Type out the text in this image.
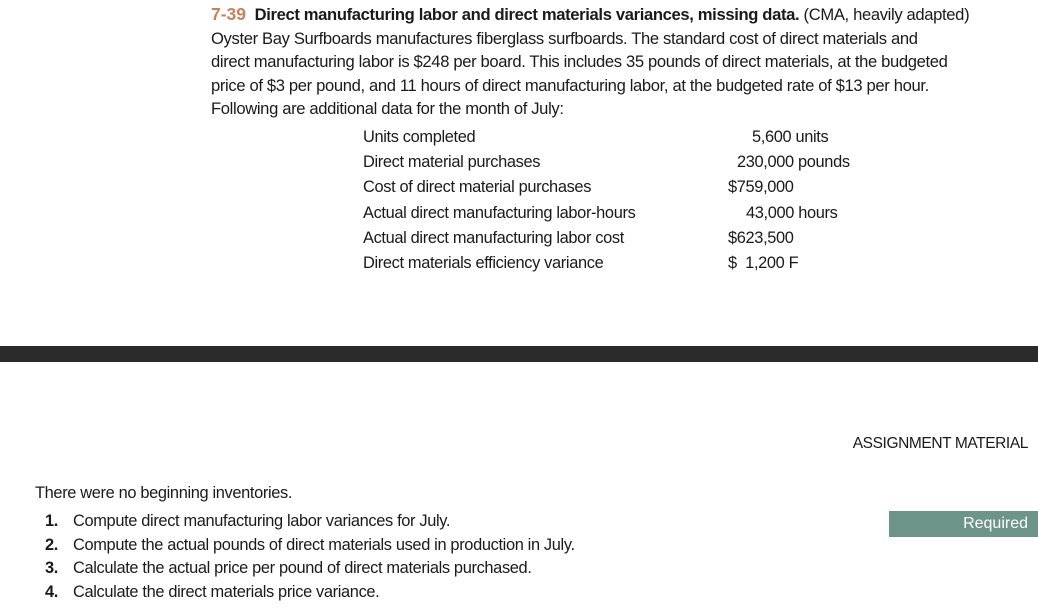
7-39 Direct manufacturing labor and direct materials variances, missing data. (CMA, heavily adapted)
Oyster Bay Surfboards manufactures fiberglass surfboards. The standard cost of direct materials and
direct manufacturing labor is $248 per board. This includes 35 pounds of direct materials, at the budgeted
price of $3 per pound, and 11 hours of direct manufacturing labor, at the budgeted rate of $13 per hour.
Following are additional data for the month of July:
Units completed	5,600 units
Direct material purchases	230,000 pounds
Cost of direct material purchases	$759,000
Actual direct manufacturing labor-hours	43,000 hours
Actual direct manufacturing labor cost	$623,500
Direct materials efficiency variance	$  1,200 F
ASSIGNMENT MATERIAL
There were no beginning inventories.
Required
1. Compute direct manufacturing labor variances for July.
2. Compute the actual pounds of direct materials used in production in July.
3. Calculate the actual price per pound of direct materials purchased.
4. Calculate the direct materials price variance.
